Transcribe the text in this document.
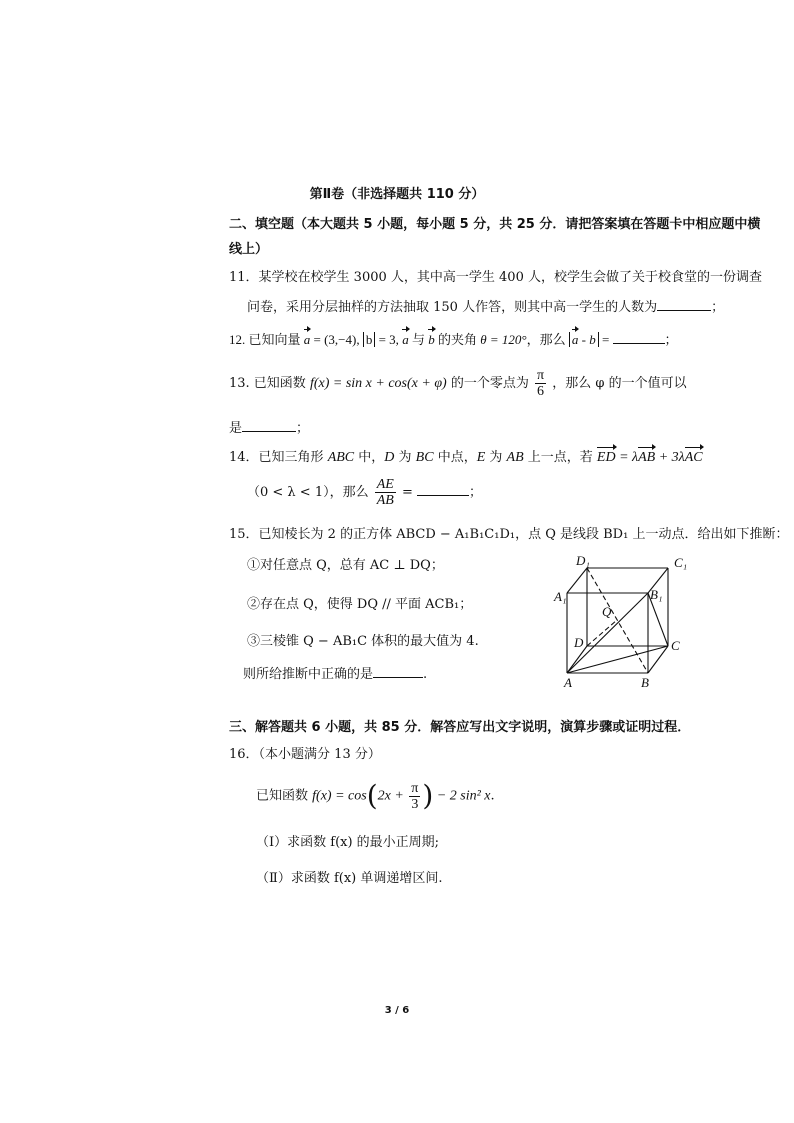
第Ⅱ卷（非选择题共 110 分）
二、填空题（本大题共 5 小题，每小题 5 分，共 25 分．请把答案填在答题卡中相应题中横
线上）
11．某学校在校学生 3000 人，其中高一学生 400 人，校学生会做了关于校食堂的一份调查
问卷，采用分层抽样的方法抽取 150 人作答，则其中高一学生的人数为	；
12. 已知向量 a = (3,−4), b = 3, a 与 b 的夹角 θ = 120°，那么 a - b =	；
13. 已知函数 f(x) = sin x + cos(x + φ) 的一个零点为 $\frac{\pi}{6}$ ，那么 φ 的一个值可以
是	；
14．已知三角形 ABC 中，D 为 BC 中点，E 为 AB 上一点，若 ED = λAB + 3λAC
（0 < λ < 1），那么 $\frac{AE}{AB}$ =	；
15．已知棱长为 2 的正方体 ABCD − A₁B₁C₁D₁，点 Q 是线段 BD₁ 上一动点．给出如下推断：
①对任意点 Q，总有 AC ⊥ DQ；
②存在点 Q，使得 DQ // 平面 ACB₁；
③三棱锥 Q − AB₁C 体积的最大值为 4.
则所给推断中正确的是	.
D₁	C₁
A₁	B₁
Q
D	C
A	B
三、解答题共 6 小题，共 85 分．解答应写出文字说明，演算步骤或证明过程．
16．（本小题满分 13 分）
已知函数 $f(x) = \cos(2x + \frac{\pi}{3}$ ) − 2 sin² x.
（Ⅰ）求函数 f(x) 的最小正周期;
（Ⅱ）求函数 f(x) 单调递增区间.
3 / 6
